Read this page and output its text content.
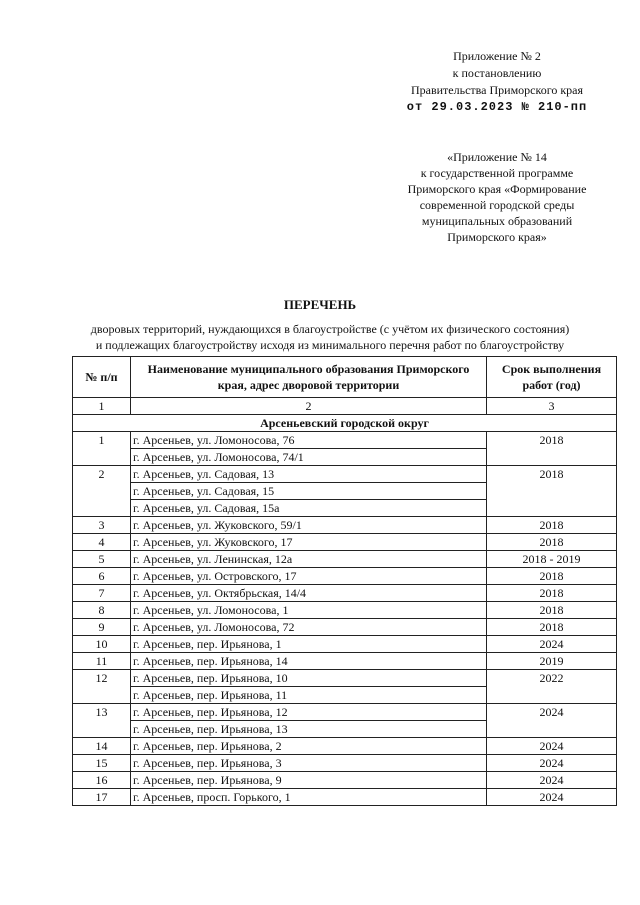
Приложение № 2
к постановлению
Правительства Приморского края
от 29.03.2023 № 210-пп
«Приложение № 14
к государственной программе
Приморского края «Формирование
современной городской среды
муниципальных образований
Приморского края»
ПЕРЕЧЕНЬ
дворовых территорий, нуждающихся в благоустройстве (с учётом их физического состояния)
и подлежащих благоустройству исходя из минимального перечня работ по благоустройству
№ п/п	Наименование муниципального образования Приморского края, адрес дворовой территории	Срок выполнения работ (год)
1	2	3
Арсеньевский городской округ		
1	г. Арсеньев, ул. Ломоносова, 76	2018
	г. Арсеньев, ул. Ломоносова, 74/1	
2	г. Арсеньев, ул. Садовая, 13	2018
	г. Арсеньев, ул. Садовая, 15	
	г. Арсеньев, ул. Садовая, 15а	
3	г. Арсеньев, ул. Жуковского, 59/1	2018
4	г. Арсеньев, ул. Жуковского, 17	2018
5	г. Арсеньев, ул. Ленинская, 12а	2018 - 2019
6	г. Арсеньев, ул. Островского, 17	2018
7	г. Арсеньев, ул. Октябрьская, 14/4	2018
8	г. Арсеньев, ул. Ломоносова, 1	2018
9	г. Арсеньев, ул. Ломоносова, 72	2018
10	г. Арсеньев, пер. Ирьянова, 1	2024
11	г. Арсеньев, пер. Ирьянова, 14	2019
12	г. Арсеньев, пер. Ирьянова, 10	2022
	г. Арсеньев, пер. Ирьянова, 11	
13	г. Арсеньев, пер. Ирьянова, 12	2024
	г. Арсеньев, пер. Ирьянова, 13	
14	г. Арсеньев, пер. Ирьянова, 2	2024
15	г. Арсеньев, пер. Ирьянова, 3	2024
16	г. Арсеньев, пер. Ирьянова, 9	2024
17	г. Арсеньев, просп. Горького, 1	2024
